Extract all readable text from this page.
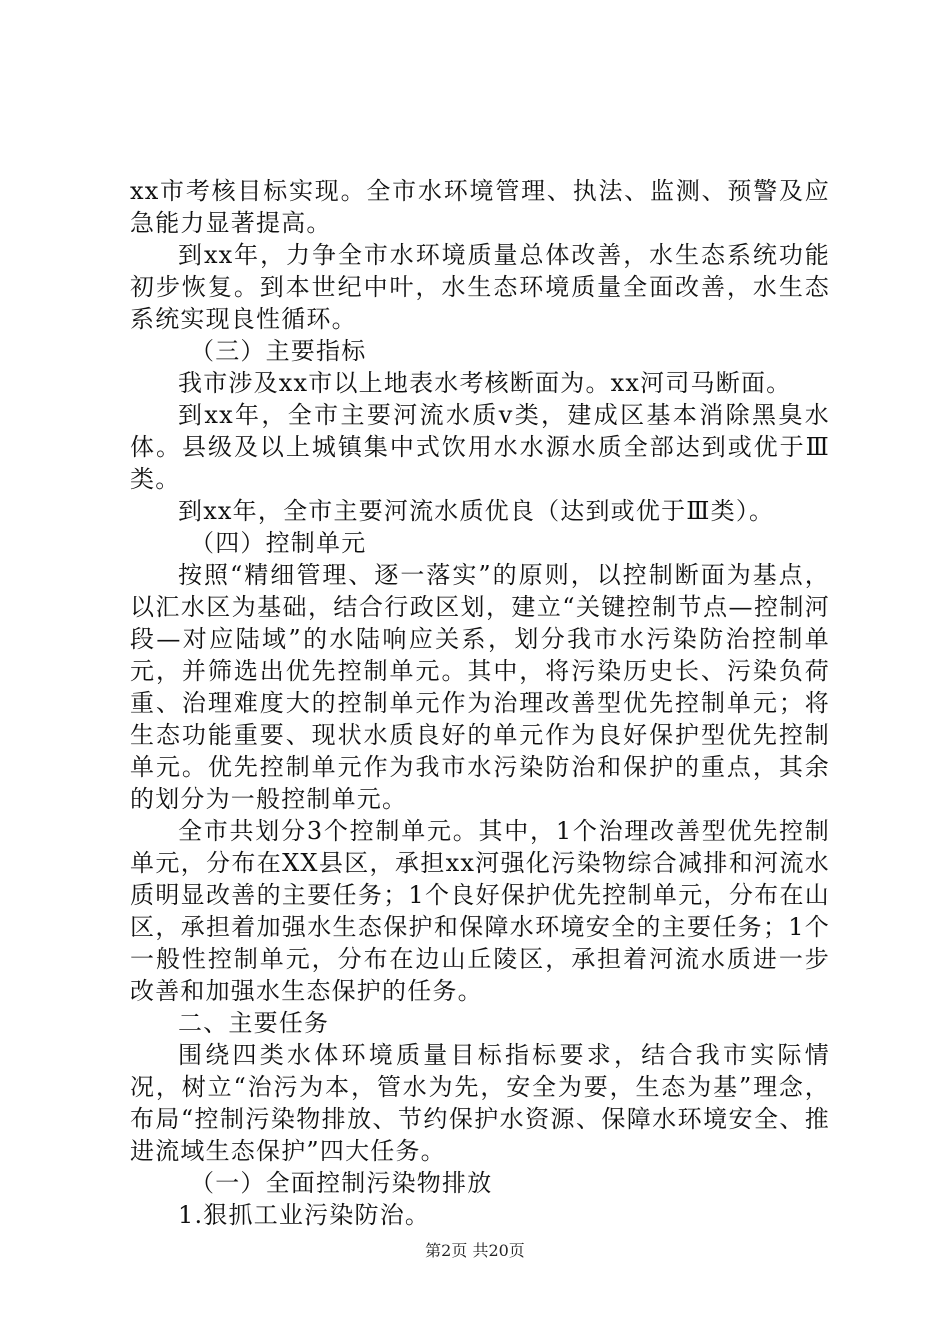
xx市考核目标实现。全市水环境管理、执法、监测、预警及应急能力显著提高。

到xx年，力争全市水环境质量总体改善，水生态系统功能初步恢复。到本世纪中叶，水生态环境质量全面改善，水生态系统实现良性循环。

（三）主要指标

我市涉及xx市以上地表水考核断面为。xx河司马断面。

到xx年，全市主要河流水质v类，建成区基本消除黑臭水体。县级及以上城镇集中式饮用水水源水质全部达到或优于Ⅲ类。

到xx年，全市主要河流水质优良（达到或优于Ⅲ类）。

（四）控制单元

按照“精细管理、逐一落实”的原则，以控制断面为基点，以汇水区为基础，结合行政区划，建立“关键控制节点—控制河段—对应陆域”的水陆响应关系，划分我市水污染防治控制单元，并筛选出优先控制单元。其中，将污染历史长、污染负荷重、治理难度大的控制单元作为治理改善型优先控制单元；将生态功能重要、现状水质良好的单元作为良好保护型优先控制单元。优先控制单元作为我市水污染防治和保护的重点，其余的划分为一般控制单元。

全市共划分3个控制单元。其中，1个治理改善型优先控制单元，分布在XX县区，承担xx河强化污染物综合减排和河流水质明显改善的主要任务；1个良好保护优先控制单元，分布在山区，承担着加强水生态保护和保障水环境安全的主要任务；1个一般性控制单元，分布在边山丘陵区，承担着河流水质进一步改善和加强水生态保护的任务。

二、主要任务

围绕四类水体环境质量目标指标要求，结合我市实际情况，树立“治污为本，管水为先，安全为要，生态为基”理念，布局“控制污染物排放、节约保护水资源、保障水环境安全、推进流域生态保护”四大任务。

（一）全面控制污染物排放

1.狠抓工业污染防治。

第2页 共20页
